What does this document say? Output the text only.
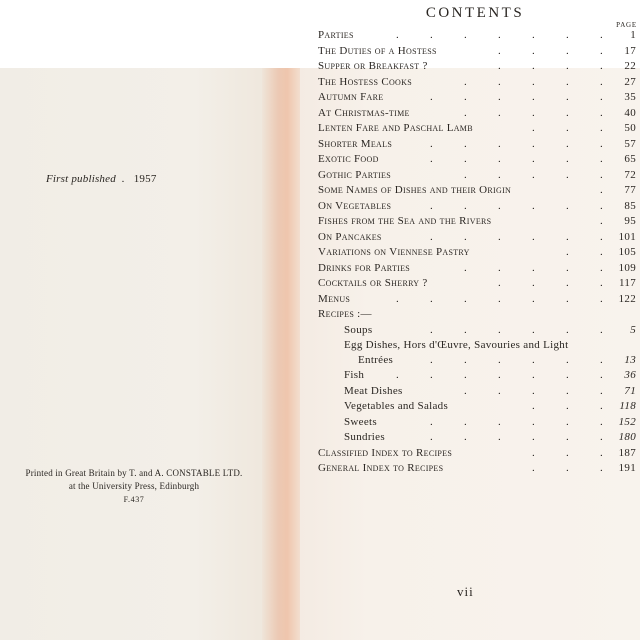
First published  . 1957
Printed in Great Britain by T. and A. CONSTABLE LTD.
at the University Press, Edinburgh
F.437
CONTENTS
PAGE
Parties	.	.	.	.	.	.	.	1
The Duties of a Hostess	.	.	.	.	17
Supper or Breakfast ?	.	.	.	.	22
The Hostess Cooks	.	.	.	.	.	27
Autumn Fare	.	.	.	.	.	.	35
At Christmas-time	.	.	.	.	.	40
Lenten Fare and Paschal Lamb	.	.	.	50
Shorter Meals	.	.	.	.	.	.	57
Exotic Food	.	.	.	.	.	.	65
Gothic Parties	.	.	.	.	.	72
Some Names of Dishes and their Origin	.	77
On Vegetables	.	.	.	.	.	.	85
Fishes from the Sea and the Rivers	.	95
On Pancakes	.	.	.	.	.	.	101
Variations on Viennese Pastry	.	.	105
Drinks for Parties	.	.	.	.	.	109
Cocktails or Sherry ?	.	.	.	.	117
Menus	.	.	.	.	.	.	.	122
Recipes :—
Soups	.	.	.	.	.	.	5
Egg Dishes, Hors d'Œuvre, Savouries and Light
Entrées	.	.	.	.	.	.	13
Fish	.	.	.	.	.	.	.	36
Meat Dishes	.	.	.	.	.	71
Vegetables and Salads	.	.	.	118
Sweets	.	.	.	.	.	.	152
Sundries	.	.	.	.	.	.	180
Classified Index to Recipes	.	.	.	187
General Index to Recipes	.	.	.	191
vii
